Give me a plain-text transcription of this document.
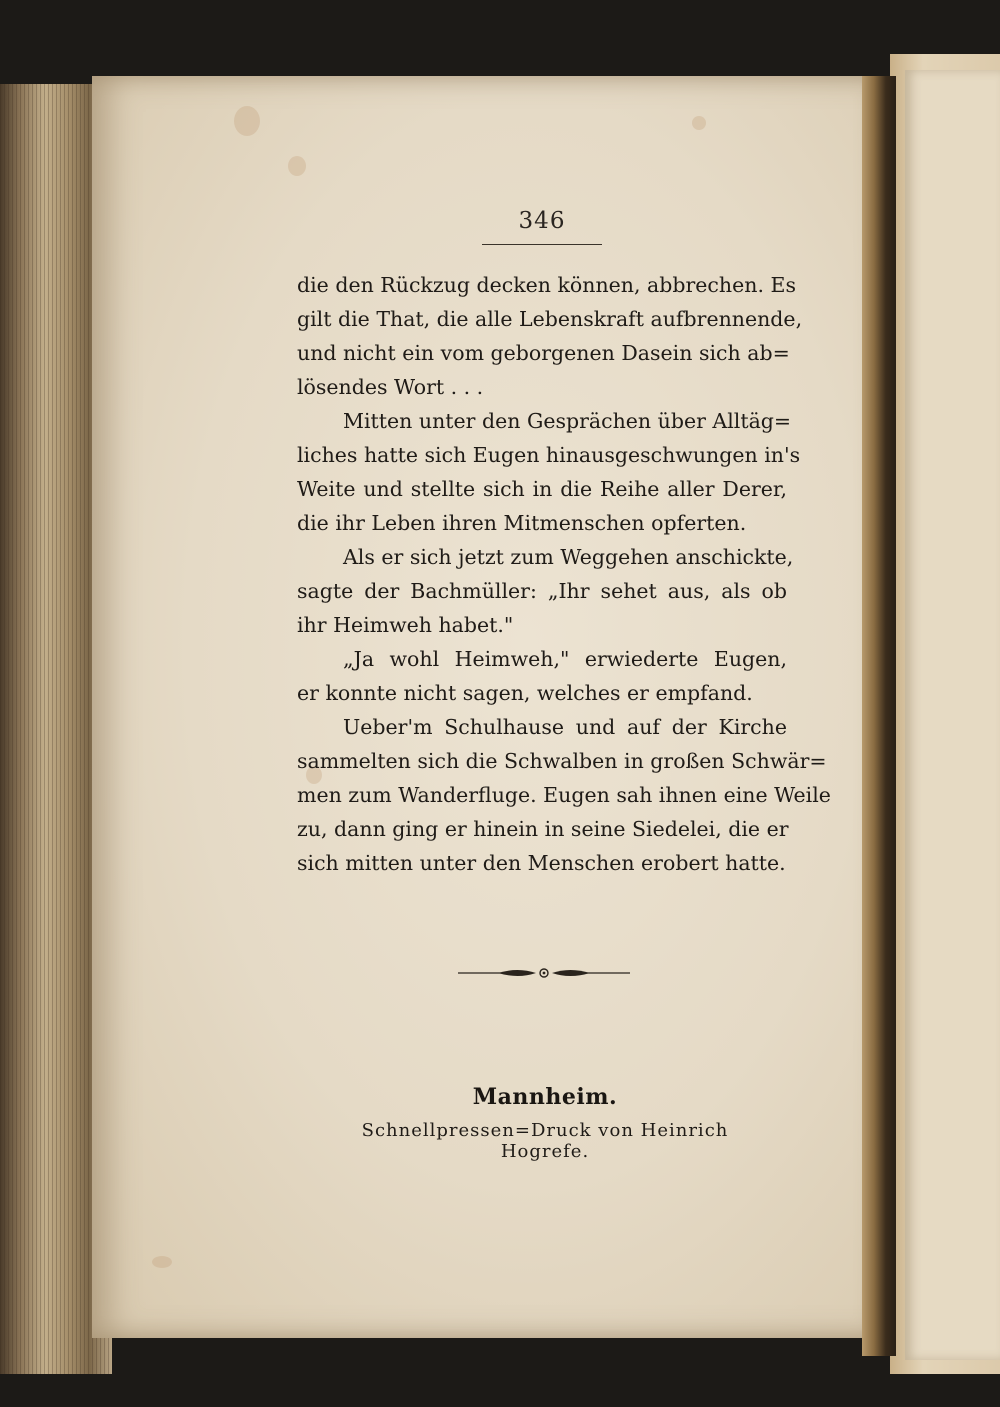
346
die den Rückzug decken können, abbrechen. Es
gilt die That, die alle Lebenskraft aufbrennende,
und nicht ein vom geborgenen Dasein sich ab=
lösendes Wort . . .
Mitten unter den Gesprächen über Alltäg=
liches hatte sich Eugen hinausgeschwungen in's
Weite und stellte sich in die Reihe aller Derer,
die ihr Leben ihren Mitmenschen opferten.
Als er sich jetzt zum Weggehen anschickte,
sagte der Bachmüller: „Ihr sehet aus, als ob
ihr Heimweh habet."
„Ja wohl Heimweh," erwiederte Eugen,
er konnte nicht sagen, welches er empfand.
Ueber'm Schulhause und auf der Kirche
sammelten sich die Schwalben in großen Schwär=
men zum Wanderfluge. Eugen sah ihnen eine Weile
zu, dann ging er hinein in seine Siedelei, die er
sich mitten unter den Menschen erobert hatte.
Mannheim.
Schnellpressen=Druck von Heinrich Hogrefe.
